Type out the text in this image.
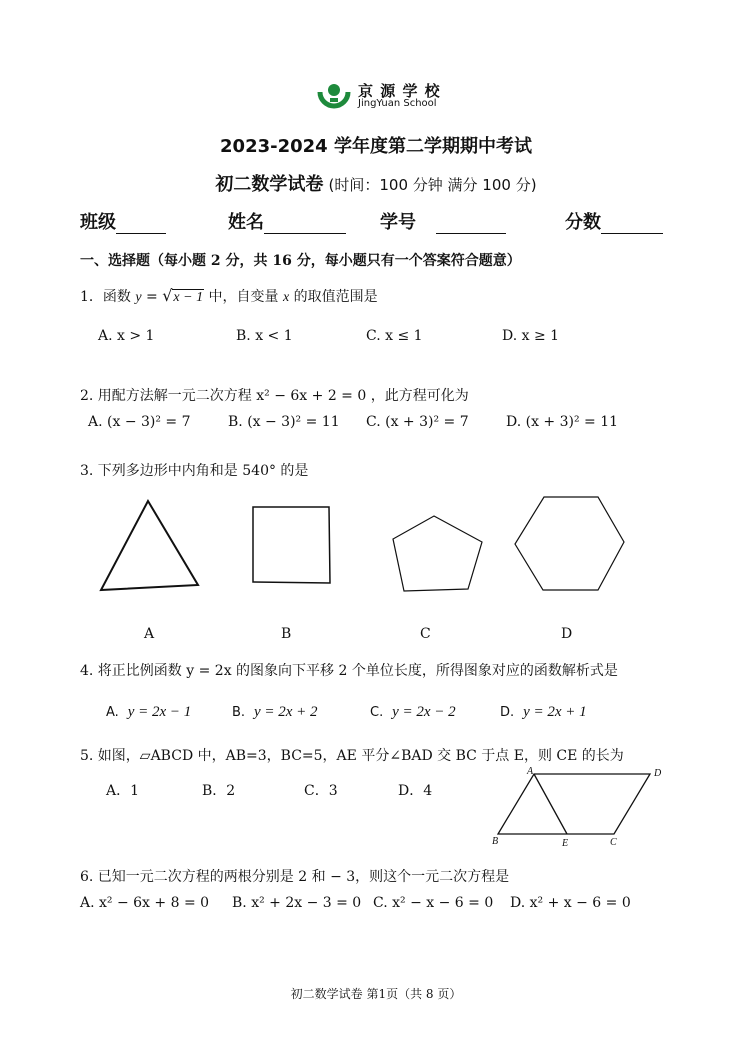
京 源 学 校
JingYuan School
2023-2024 学年度第二学期期中考试
初二数学试卷 (时间：100 分钟 满分 100 分)
班级	姓名	学号	分数
一、选择题（每小题 2 分，共 16 分，每小题只有一个答案符合题意）
1．函数 y = √x − 1 中，自变量 x 的取值范围是
A. x > 1	B. x < 1	C. x ≤ 1	D. x ≥ 1
2. 用配方法解一元二次方程 x² − 6x + 2 = 0 ，此方程可化为
A. (x − 3)² = 7	B. (x − 3)² = 11 C. (x + 3)² = 7	D. (x + 3)² = 11
3. 下列多边形中内角和是 540° 的是
A	B	C	D
4. 将正比例函数 y = 2x 的图象向下平移 2 个单位长度，所得图象对应的函数解析式是
A. y = 2x − 1	B. y = 2x + 2	C. y = 2x − 2	D. y = 2x + 1
5. 如图，▱ABCD 中，AB=3，BC=5，AE 平分∠BAD 交 BC 于点 E，则 CE 的长为
A．1	B．2	C．3	D．4
A	D
B	E	C
6. 已知一元二次方程的两根分别是 2 和 − 3，则这个一元二次方程是
A. x² − 6x + 8 = 0 B. x² + 2x − 3 = 0 C. x² − x − 6 = 0 D. x² + x − 6 = 0
初二数学试卷 第1页（共 8 页）
